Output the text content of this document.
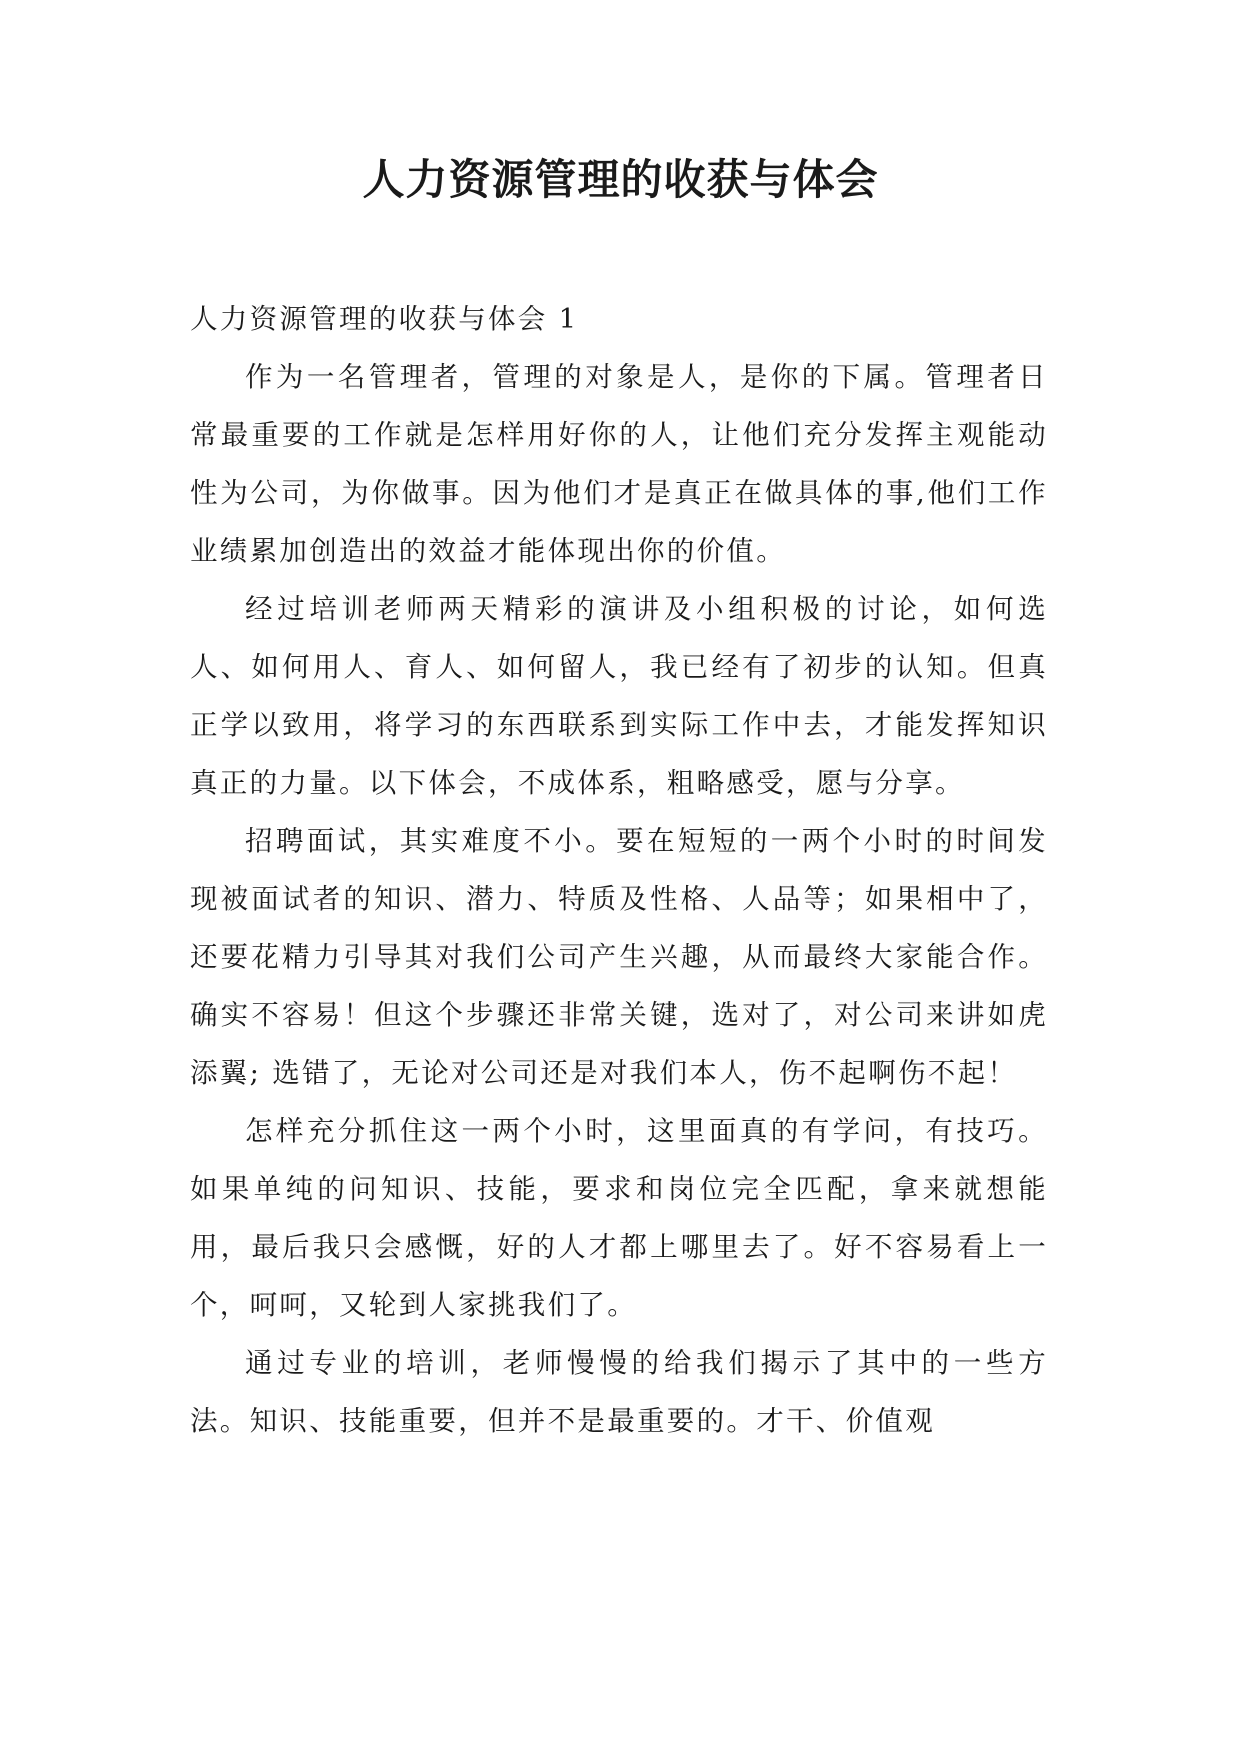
人力资源管理的收获与体会

人力资源管理的收获与体会 1

作为一名管理者，管理的对象是人，是你的下属。管理者日常最重要的工作就是怎样用好你的人，让他们充分发挥主观能动性为公司，为你做事。因为他们才是真正在做具体的事,他们工作业绩累加创造出的效益才能体现出你的价值。

经过培训老师两天精彩的演讲及小组积极的讨论，如何选人、如何用人、育人、如何留人，我已经有了初步的认知。但真正学以致用，将学习的东西联系到实际工作中去，才能发挥知识真正的力量。以下体会，不成体系，粗略感受，愿与分享。

招聘面试，其实难度不小。要在短短的一两个小时的时间发现被面试者的知识、潜力、特质及性格、人品等；如果相中了，还要花精力引导其对我们公司产生兴趣，从而最终大家能合作。确实不容易！但这个步骤还非常关键，选对了，对公司来讲如虎添翼; 选错了，无论对公司还是对我们本人，伤不起啊伤不起！

怎样充分抓住这一两个小时，这里面真的有学问，有技巧。如果单纯的问知识、技能，要求和岗位完全匹配，拿来就想能用，最后我只会感慨，好的人才都上哪里去了。好不容易看上一个，呵呵，又轮到人家挑我们了。

通过专业的培训，老师慢慢的给我们揭示了其中的一些方法。知识、技能重要，但并不是最重要的。才干、价值观
